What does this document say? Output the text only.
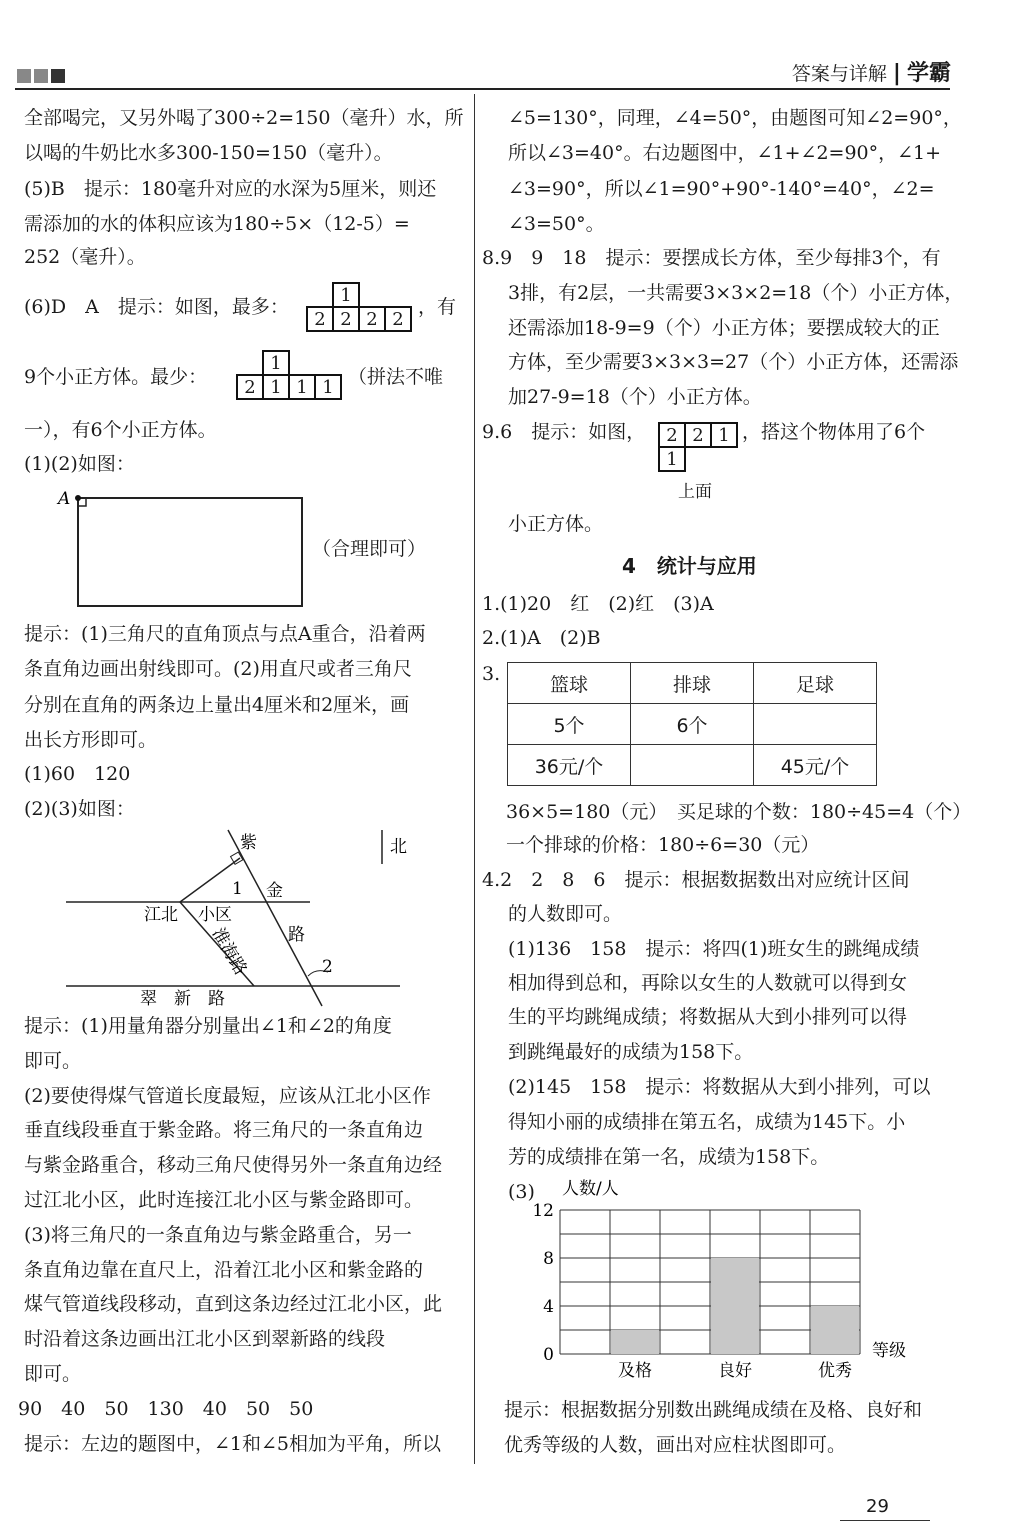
答案与详解 | 学霸
全部喝完，又另外喝了300÷2=150（毫升）水，所
以喝的牛奶比水多300-150=150（毫升）。
(5)B　提示：180毫升对应的水深为5厘米，则还
需添加的水的体积应该为180÷5×（12-5）=
252（毫升）。
(6)D　A　提示：如图，最多：
	1		
2	2	2	2
，有
9个小正方体。最少：
	1		
2	1	1	1 （拼法不唯
一），有6个小正方体。
(1)(2)如图：
A
（合理即可）
提示：(1)三角尺的直角顶点与点A重合，沿着两
条直角边画出射线即可。(2)用直尺或者三角尺
分别在直角的两条边上量出4厘米和2厘米，画
出长方形即可。
(1)60　120
(2)(3)如图：
北
紫
金
路
1
2
江北 小区
淮海路
翠　新　路
提示：(1)用量角器分别量出∠1和∠2的角度
即可。
(2)要使得煤气管道长度最短，应该从江北小区作
垂直线段垂直于紫金路。将三角尺的一条直角边
与紫金路重合，移动三角尺使得另外一条直角边经
过江北小区，此时连接江北小区与紫金路即可。
(3)将三角尺的一条直角边与紫金路重合，另一
条直角边靠在直尺上，沿着江北小区和紫金路的
煤气管道线段移动，直到这条边经过江北小区，此
时沿着这条边画出江北小区到翠新路的线段
即可。
90　40　50　130　40　50　50
提示：左边的题图中，∠1和∠5相加为平角，所以
∠5=130°，同理，∠4=50°，由题图可知∠2=90°，
所以∠3=40°。右边题图中，∠1+∠2=90°，∠1+
∠3=90°，所以∠1=90°+90°-140°=40°，∠2=
∠3=50°。
8.9　9　18　提示：要摆成长方体，至少每排3个，有
3排，有2层，一共需要3×3×2=18（个）小正方体，
还需添加18-9=9（个）小正方体；要摆成较大的正
方体，至少需要3×3×3=27（个）小正方体，还需添
加27-9=18（个）小正方体。
9.6　提示：如图， 2	2	1
1		
，搭这个物体用了6个
上面
小正方体。
4 统计与应用
1.(1)20　红　(2)红　(3)A
2.(1)A　(2)B
3.	篮球	排球	足球
5个	6个	
36元/个		45元/个
36×5=180（元）　买足球的个数：180÷45=4（个）
一个排球的价格：180÷6=30（元）
4.2　2　8　6　提示：根据数据数出对应统计区间
的人数即可。
(1)136　158　提示：将四(1)班女生的跳绳成绩
相加得到总和，再除以女生的人数就可以得到女
生的平均跳绳成绩；将数据从大到小排列可以得
到跳绳最好的成绩为158下。
(2)145　158　提示：将数据从大到小排列，可以
得知小丽的成绩排在第五名，成绩为145下。小
芳的成绩排在第一名，成绩为158下。
(3)
0
4
8
12
及格	良好	优秀
人数/人
等级
提示：根据数据分别数出跳绳成绩在及格、良好和
优秀等级的人数，画出对应柱状图即可。
29
